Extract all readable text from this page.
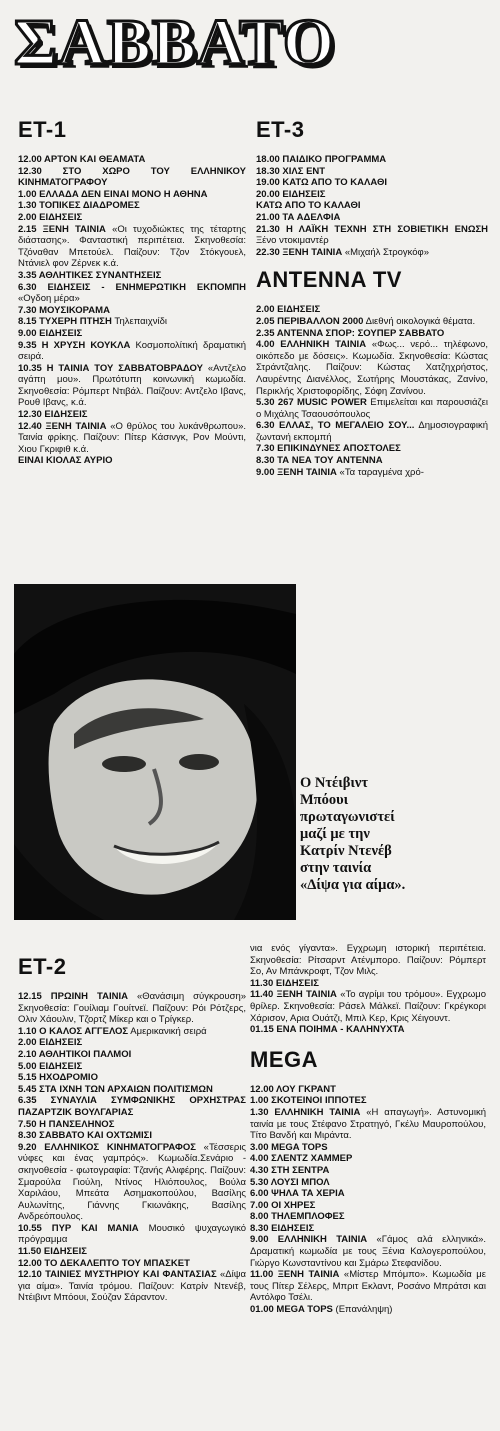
ΣΑΒΒΑΤΟ
ΕΤ-1
12.00 ΑΡΤΟΝ ΚΑΙ ΘΕΑΜΑΤΑ
12.30 ΣΤΟ ΧΩΡΟ ΤΟΥ ΕΛΛΗΝΙΚΟΥ ΚΙΝΗΜΑΤΟΓΡΑΦΟΥ
1.00 ΕΛΛΑΔΑ ΔΕΝ ΕΙΝΑΙ ΜΟΝΟ Η ΑΘΗΝΑ
1.30 ΤΟΠΙΚΕΣ ΔΙΑΔΡΟΜΕΣ
2.00 ΕΙΔΗΣΕΙΣ
2.15 ΞΕΝΗ ΤΑΙΝΙΑ «Οι τυχοδιώκτες της τέταρτης διάστασης». Φανταστική περιπέτεια. Σκηνοθεσία: Τζόναθαν Μπετούελ. Παίζουν: Τζον Στόκγουελ, Ντάνιελ φον Ζέρνεκ κ.ά.
3.35 ΑΘΛΗΤΙΚΕΣ ΣΥΝΑΝΤΗΣΕΙΣ
6.30 ΕΙΔΗΣΕΙΣ - ΕΝΗΜΕΡΩΤΙΚΗ ΕΚΠΟΜΠΗ «Ογδοη μέρα»
7.30 ΜΟΥΣΙΚΟΡΑΜΑ
8.15 ΤΥΧΕΡΗ ΠΤΗΣΗ Τηλεπαιχνίδι
9.00 ΕΙΔΗΣΕΙΣ
9.35 Η ΧΡΥΣΗ ΚΟΥΚΛΑ Κοσμοπολίτική δραματική σειρά.
10.35 Η ΤΑΙΝΙΑ ΤΟΥ ΣΑΒΒΑΤΟΒΡΑΔΟΥ «Αντζελο αγάπη μου». Πρωτότυπη κοινωνική κωμωδία. Σκηνοθεσία: Ρόμπερτ Ντιβάλ. Παίζουν: Αντζελο Ιβανς, Ρουθ Ιβανς, κ.ά.
12.30 ΕΙΔΗΣΕΙΣ
12.40 ΞΕΝΗ ΤΑΙΝΙΑ «Ο θρύλος του λυκάνθρωπου». Ταινία φρίκης. Παίζουν: Πίτερ Κάσινγκ, Ρον Μούντι, Χιου Γκριφιθ κ.ά.
ΕΙΝΑΙ ΚΙΟΛΑΣ ΑΥΡΙΟ
ΕΤ-3
18.00 ΠΑΙΔΙΚΟ ΠΡΟΓΡΑΜΜΑ
18.30 ΧΙΛΣ ΕΝΤ
19.00 ΚΑΤΩ ΑΠΟ ΤΟ ΚΑΛΑΘΙ
20.00 ΕΙΔΗΣΕΙΣ
ΚΑΤΩ ΑΠΟ ΤΟ ΚΑΛΑΘΙ
21.00 ΤΑ ΑΔΕΛΦΙΑ
21.30 Η ΛΑΪΚΗ ΤΕΧΝΗ ΣΤΗ ΣΟΒΙΕΤΙΚΗ ΕΝΩΣΗ Ξένο ντοκιμαντέρ
22.30 ΞΕΝΗ ΤΑΙΝΙΑ «Μιχαήλ Στρογκόφ»
ANTENNA TV
2.00 ΕΙΔΗΣΕΙΣ
2.05 ΠΕΡΙΒΑΛΛΟΝ 2000 Διεθνή οικολογικά θέματα.
2.35 ANTENNA ΣΠΟΡ: ΣΟΥΠΕΡ ΣΑΒΒΑΤΟ
4.00 ΕΛΛΗΝΙΚΗ ΤΑΙΝΙΑ «Φως... νερό... τηλέφωνο, οικόπεδο με δόσεις». Κωμωδία. Σκηνοθεσία: Κώστας Στράντζαλης. Παίζουν: Κώστας Χατζηχρήστος, Λαυρέντης Διανέλλος, Σωτήρης Μουστάκας, Ζανίνο, Περικλής Χριστοφορίδης, Σόφη Ζανίνου.
5.30 267 MUSIC POWER Επιμελείται και παρουσιάζει ο Μιχάλης Τσαουσόπουλος
6.30 ΕΛΛΑΣ, ΤΟ ΜΕΓΑΛΕΙΟ ΣΟΥ... Δημοσιογραφική ζωντανή εκπομπή
7.30 ΕΠΙΚΙΝΔΥΝΕΣ ΑΠΟΣΤΟΛΕΣ
8.30 ΤΑ ΝΕΑ ΤΟΥ ANTENNA
9.00 ΞΕΝΗ ΤΑΙΝΙΑ «Τα ταραγμένα χρό-
Ο Ντέιβιντ
Μπόουι
πρωταγωνιστεί
μαζί με την
Κατρίν Ντενέβ
στην ταινία
«Δίψα για αίμα».
ΕΤ-2
12.15 ΠΡΩΙΝΗ ΤΑΙΝΙΑ «Θανάσιμη σύγκρουση» Σκηνοθεσία: Γουίλιαμ Γουίτνεϊ. Παίζουν: Ρόι Ρότζερς, Ολιν Χάουλιν, Τζορτζ Μίκερ και ο Τρίγκερ.
1.10 Ο ΚΑΛΟΣ ΑΓΓΕΛΟΣ Αμερικανική σειρά
2.00 ΕΙΔΗΣΕΙΣ
2.10 ΑΘΛΗΤΙΚΟΙ ΠΑΛΜΟΙ
5.00 ΕΙΔΗΣΕΙΣ
5.15 ΗΧΟΔΡΟΜΙΟ
5.45 ΣΤΑ ΙΧΝΗ ΤΩΝ ΑΡΧΑΙΩΝ ΠΟΛΙΤΙΣΜΩΝ
6.35 ΣΥΝΑΥΛΙΑ ΣΥΜΦΩΝΙΚΗΣ ΟΡΧΗΣΤΡΑΣ ΠΑΖΑΡΤΖΙΚ ΒΟΥΛΓΑΡΙΑΣ
7.50 Η ΠΑΝΣΕΛΗΝΟΣ
8.30 ΣΑΒΒΑΤΟ ΚΑΙ ΟΧΤΩΜΙΣΙ
9.20 ΕΛΛΗΝΙΚΟΣ ΚΙΝΗΜΑΤΟΓΡΑΦΟΣ «Τέσσερις νύφες και ένας γαμπρός». Κωμωδία.Σενάριο - σκηνοθεσία - φωτογραφία: Τζανής Αλιφέρης. Παίζουν: Σμαρούλα Γιούλη, Ντίνος Ηλιόπουλος, Βούλα Χαριλάου, Μπεάτα Ασημακοπούλου, Βασίλης Αυλωνίτης, Γιάννης Γκιωνάκης, Βασίλης Ανδρεόπουλος.
10.55 ΠΥΡ ΚΑΙ ΜΑΝΙΑ Μουσικό ψυχαγωγικό πρόγραμμα
11.50 ΕΙΔΗΣΕΙΣ
12.00 ΤΟ ΔΕΚΑΛΕΠΤΟ ΤΟΥ ΜΠΑΣΚΕΤ
12.10 ΤΑΙΝΙΕΣ ΜΥΣΤΗΡΙΟΥ ΚΑΙ ΦΑΝΤΑΣΙΑΣ «Δίψα για αίμα». Ταινία τρόμου. Παίζουν: Κατρίν Ντενέβ, Ντέιβιντ Μπόουι, Σούζαν Σάραντον.
νια ενός γίγαντα». Εγχρωμη ιστορική περιπέτεια. Σκηνοθεσία: Ρίτσαρντ Ατένμπορο. Παίζουν: Ρόμπερτ Σο, Αν Μπάνκροφτ, Τζον Μιλς.
11.30 ΕΙΔΗΣΕΙΣ
11.40 ΞΕΝΗ ΤΑΙΝΙΑ «Το αγρίμι του τρόμου». Εγχρωμο θρίλερ. Σκηνοθεσία: Ράσελ Μάλκεϊ. Παίζουν: Γκρέγκορι Χάρισον, Αρια Ουάτζι, Μπιλ Κερ, Κρις Χέιγουντ.
01.15 ΕΝΑ ΠΟΙΗΜΑ - ΚΑΛΗΝΥΧΤΑ
MEGA
12.00 ΛΟΥ ΓΚΡΑΝΤ
1.00 ΣΚΟΤΕΙΝΟΙ ΙΠΠΟΤΕΣ
1.30 ΕΛΛΗΝΙΚΗ ΤΑΙΝΙΑ «Η απαγωγή». Αστυνομική ταινία με τους Στέφανο Στρατηγό, Γκέλυ Μαυροπούλου, Τίτο Βανδή και Μιράντα.
3.00 MEGA TOPS
4.00 ΣΛΕΝΤΖ ΧΑΜΜΕΡ
4.30 ΣΤΗ ΣΕΝΤΡΑ
5.30 ΛΟΥΣΙ ΜΠΟΛ
6.00 ΨΗΛΑ ΤΑ ΧΕΡΙΑ
7.00 ΟΙ ΧΗΡΕΣ
8.00 ΤΗΛΕΜΠΛΟΦΕΣ
8.30 ΕΙΔΗΣΕΙΣ
9.00 ΕΛΛΗΝΙΚΗ ΤΑΙΝΙΑ «Γάμος αλά ελληνικά». Δραματική κωμωδία με τους Ξένια Καλογεροπούλου, Γιώργο Κωνσταντίνου και Σμάρω Στεφανίδου.
11.00 ΞΕΝΗ ΤΑΙΝΙΑ «Μίστερ Μπόμπο». Κωμωδία με τους Πίτερ Σέλερς, Μπριτ Εκλαντ, Ροσάνο Μπράτσι και Αντόλφο Τσέλι.
01.00 MEGA TOPS (Επανάληψη)
